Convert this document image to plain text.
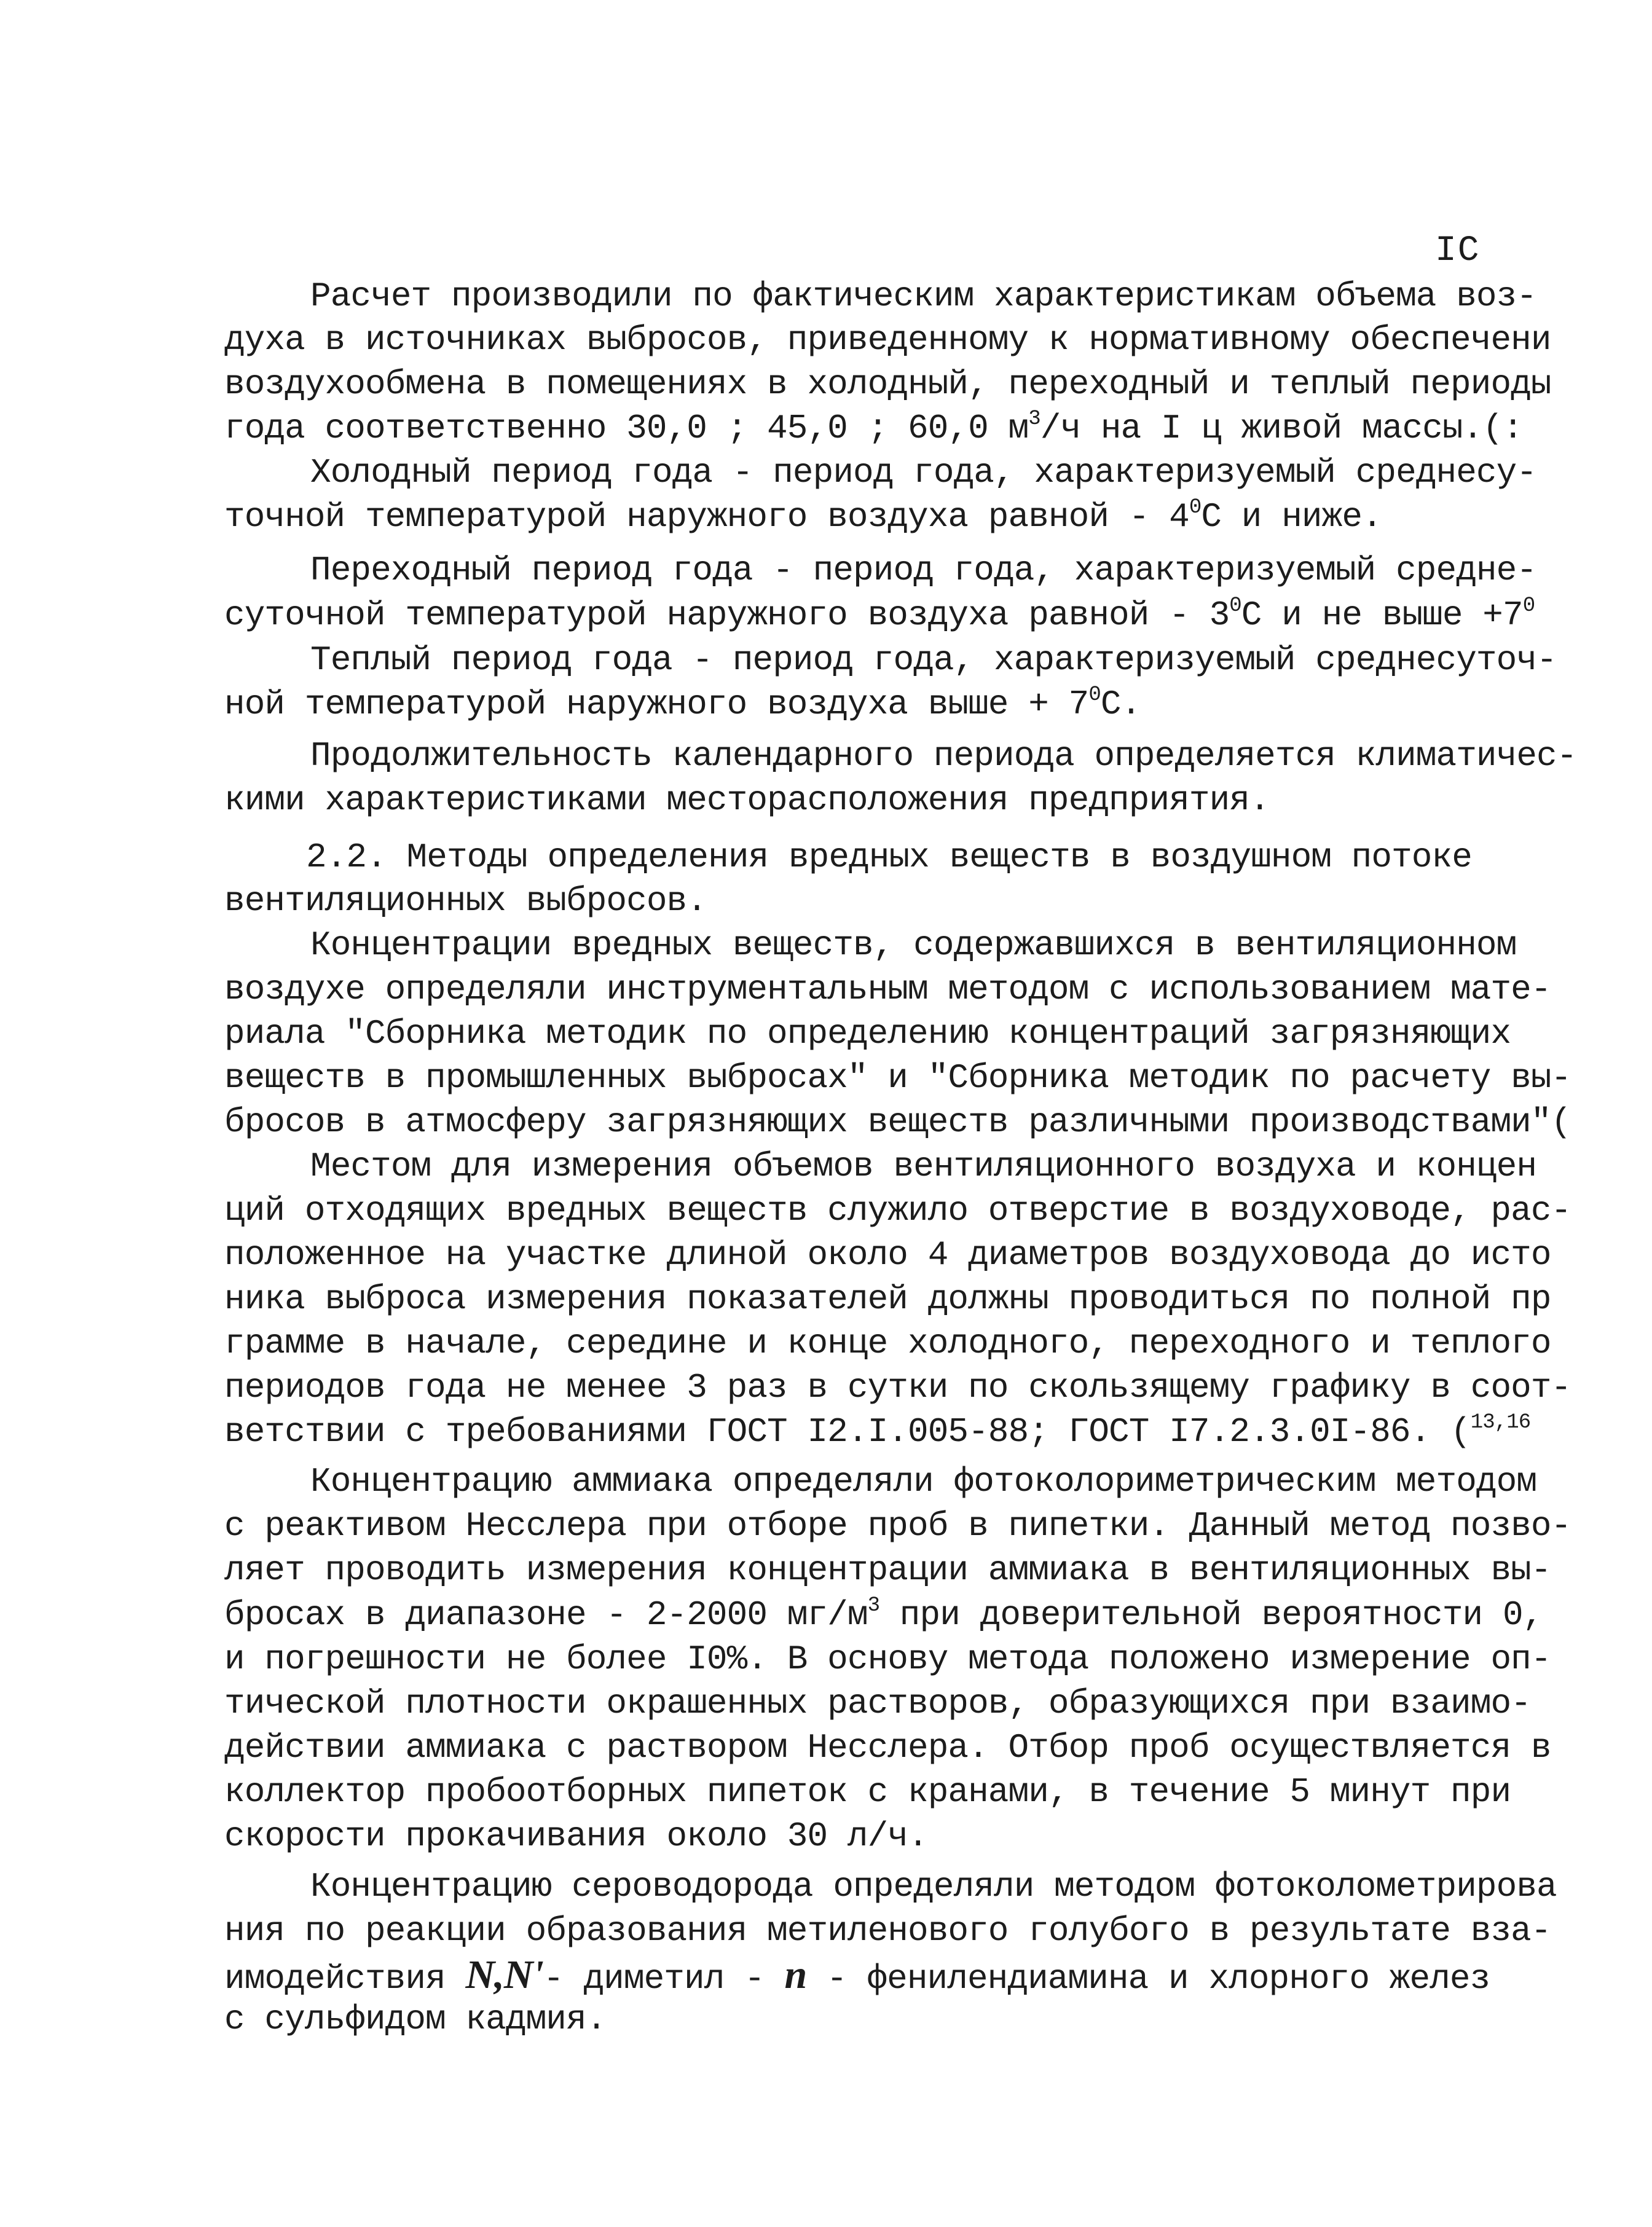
IC
Расчет производили по фактическим характеристикам объема воз-
духа в источниках выбросов, приведенному к нормативному обеспечени
воздухообмена в помещениях в холодный, переходный и теплый периоды
года соответственно 30,0 ; 45,0 ; 60,0 $м^3/ч$ на I ц живой массы.(:
Холодный период года - период года, характеризуемый среднесу-
точной температурой наружного воздуха равной - $4^0С$ и ниже.
Переходный период года - период года, характеризуемый средне-
суточной температурой наружного воздуха равной - $3^0С$ и не выше $+7^0$
Теплый период года - период года, характеризуемый среднесуточ-
ной температурой наружного воздуха выше + $7^0С$.
Продолжительность календарного периода определяется климатичес-
кими характеристиками месторасположения предприятия.
2.2. Методы определения вредных веществ в воздушном потоке
вентиляционных выбросов.
Концентрации вредных веществ, содержавшихся в вентиляционном
воздухе определяли инструментальным методом с использованием мате-
риала "Сборника методик по определению концентраций загрязняющих
веществ в промышленных выбросах" и "Сборника методик по расчету вы-
бросов в атмосферу загрязняющих веществ различными производствами"(
Местом для измерения объемов вентиляционного воздуха и концен
ций отходящих вредных веществ служило отверстие в воздуховоде, рас-
положенное на участке длиной около 4 диаметров воздуховода до исто
ника выброса измерения показателей должны проводиться по полной пр
грамме в начале, середине и конце холодного, переходного и теплого
периодов года не менее 3 раз в сутки по скользящему графику в соот-
ветствии с требованиями ГОСТ I2.I.005-88; ГОСТ I7.2.3.0I-86. ($^{13,16}$
Концентрацию аммиака определяли фотоколориметрическим методом
с реактивом Несслера при отборе проб в пипетки. Данный метод позво-
ляет проводить измерения концентрации аммиака в вентиляционных вы-
бросах в диапазоне - 2-2000 $мг/м^3$ при доверительной вероятности 0,
и погрешности не более I0%. В основу метода положено измерение оп-
тической плотности окрашенных растворов, образующихся при взаимо-
действии аммиака с раствором Несслера. Отбор проб осуществляется в
коллектор пробоотборных пипеток с кранами, в течение 5 минут при
скорости прокачивания около 30 л/ч.
Концентрацию сероводорода определяли методом фотоколометрирова
ния по реакции образования метиленового голубого в результате вза-
имодействия N,N'- диметил - n - фенилендиамина и хлорного желез
с сульфидом кадмия.
